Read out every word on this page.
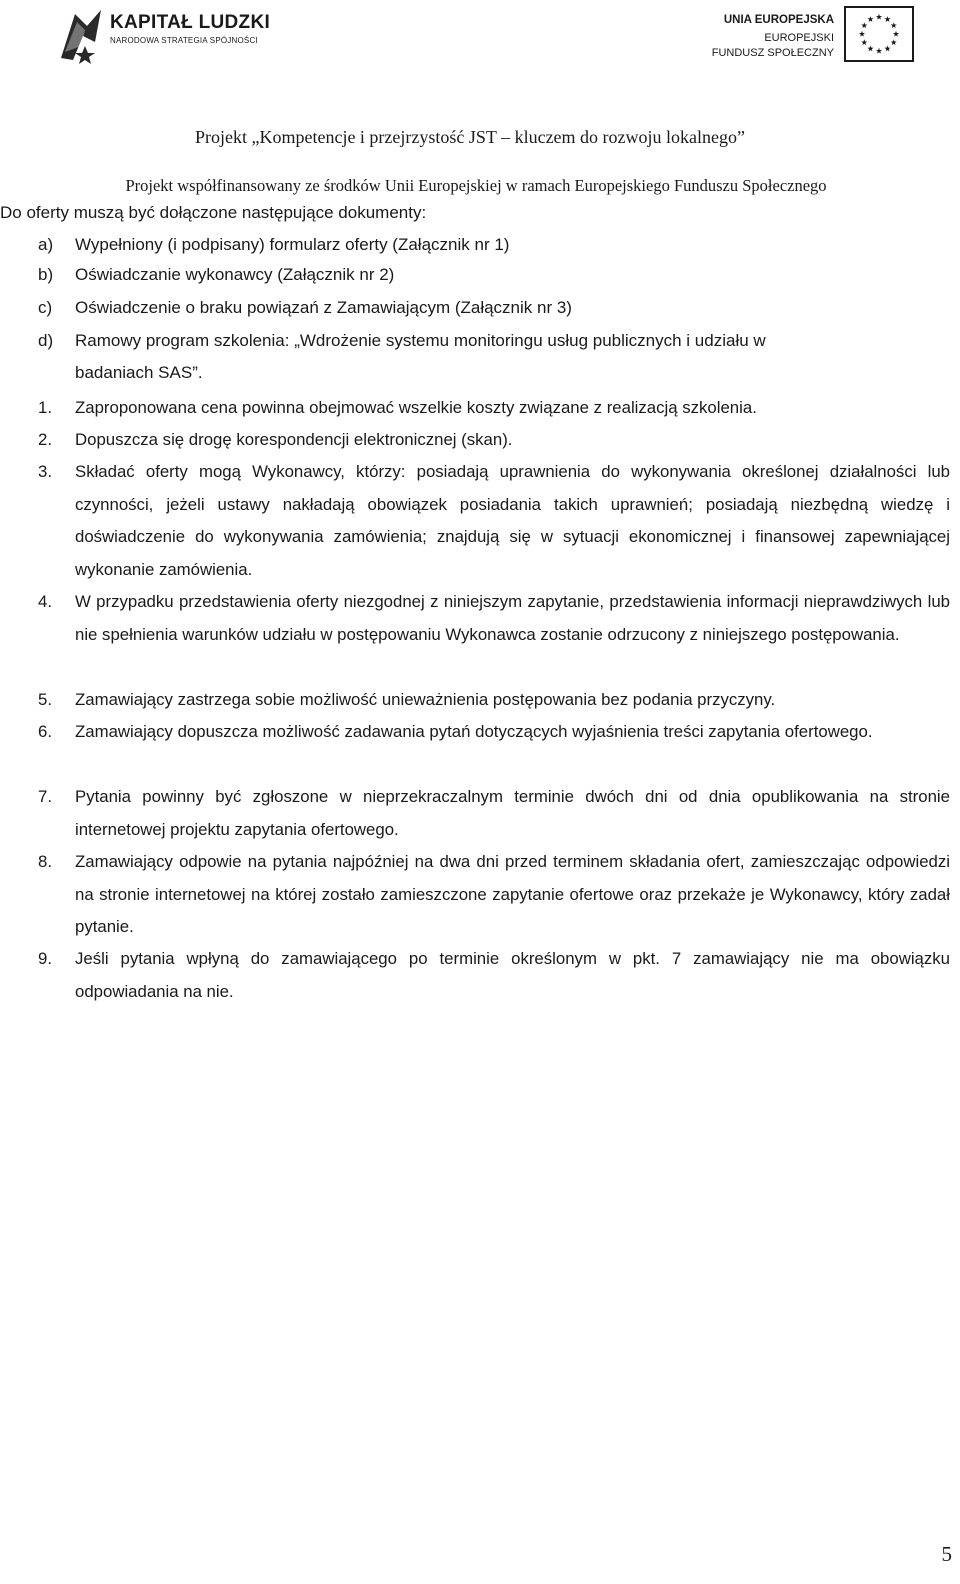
KAPITAŁ LUDZKI
NARODOWA STRATEGIA SPÓJNOŚCI
UNIA EUROPEJSKA
EUROPEJSKI
FUNDUSZ SPOŁECZNY
Projekt „Kompetencje i przejrzystość JST – kluczem do rozwoju lokalnego”
Projekt współfinansowany ze środków Unii Europejskiej w ramach Europejskiego Funduszu Społecznego
Do oferty muszą być dołączone następujące dokumenty:
a) Wypełniony (i podpisany) formularz oferty (Załącznik nr 1)
b) Oświadczanie wykonawcy (Załącznik nr 2)
c) Oświadczenie o braku powiązań z Zamawiającym (Załącznik nr 3)
d) Ramowy program szkolenia: „Wdrożenie systemu monitoringu usług publicznych i udziału w
badaniach SAS”.
1. Zaproponowana cena powinna obejmować wszelkie koszty związane z realizacją szkolenia.
2. Dopuszcza się drogę korespondencji elektronicznej (skan).
3. Składać oferty mogą Wykonawcy, którzy: posiadają uprawnienia do wykonywania określonej działalności lub czynności, jeżeli ustawy nakładają obowiązek posiadania takich uprawnień; posiadają niezbędną wiedzę i doświadczenie do wykonywania zamówienia; znajdują się w sytuacji ekonomicznej i finansowej zapewniającej wykonanie zamówienia.
4. W przypadku przedstawienia oferty niezgodnej z niniejszym zapytanie, przedstawienia informacji nieprawdziwych lub nie spełnienia warunków udziału w postępowaniu Wykonawca zostanie odrzucony z niniejszego postępowania.
5. Zamawiający zastrzega sobie możliwość unieważnienia postępowania bez podania przyczyny.
6. Zamawiający dopuszcza możliwość zadawania pytań dotyczących wyjaśnienia treści zapytania ofertowego.
7. Pytania powinny być zgłoszone w nieprzekraczalnym terminie dwóch dni od dnia opublikowania na stronie internetowej projektu zapytania ofertowego.
8. Zamawiający odpowie na pytania najpóźniej na dwa dni przed terminem składania ofert, zamieszczając odpowiedzi na stronie internetowej na której zostało zamieszczone zapytanie ofertowe oraz przekaże je Wykonawcy, który zadał pytanie.
9. Jeśli pytania wpłyną do zamawiającego po terminie określonym w pkt. 7 zamawiający nie ma obowiązku odpowiadania na nie.
5
